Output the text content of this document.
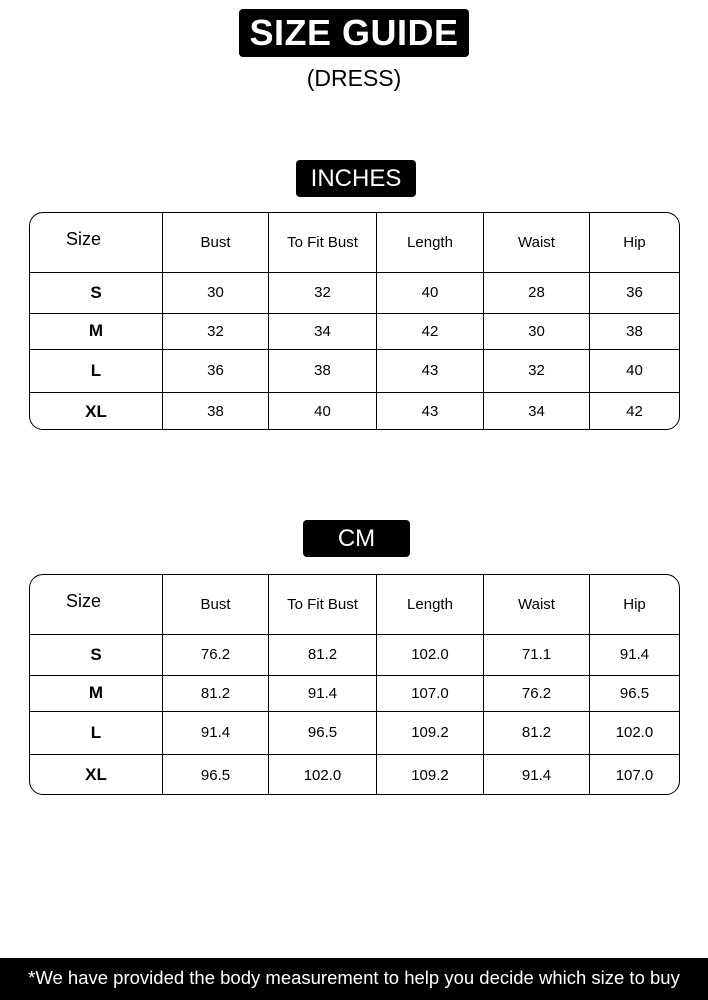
SIZE GUIDE
(DRESS)
INCHES
Size	Bust	To Fit Bust	Length	Waist	Hip
S	30	32	40	28	36
M	32	34	42	30	38
L	36	38	43	32	40
XL	38	40	43	34	42
CM
Size	Bust	To Fit Bust	Length	Waist	Hip
S	76.2	81.2	102.0	71.1	91.4
M	81.2	91.4	107.0	76.2	96.5
L	91.4	96.5	109.2	81.2	102.0
XL	96.5	102.0	109.2	91.4	107.0
*We have provided the body measurement to help you decide which size to buy
